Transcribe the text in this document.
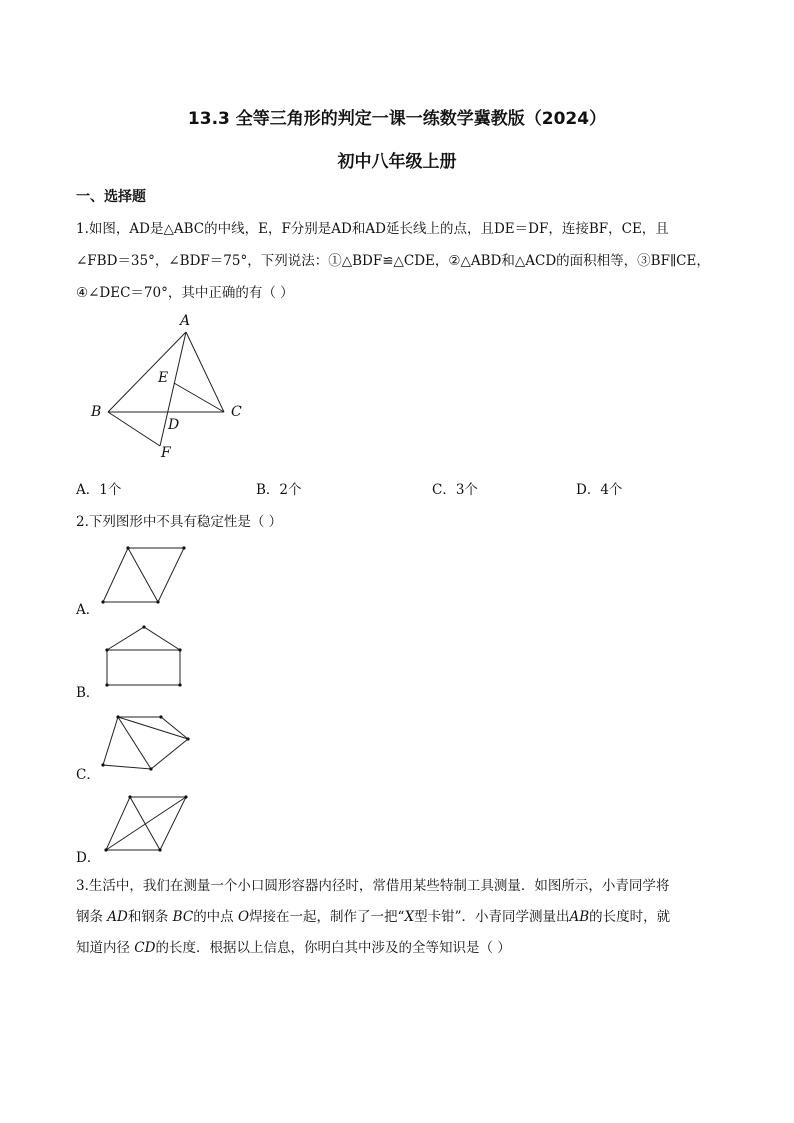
13.3 全等三角形的判定一课一练数学冀教版（2024）
初中八年级上册
一、选择题
1.如图，AD是△ABC的中线，E，F分别是AD和AD延长线上的点，且DE＝DF，连接BF，CE，且
∠FBD＝35°，∠BDF＝75°，下列说法：①△BDF≌△CDE，②△ABD和△ACD的面积相等，③BF∥CE，
④∠DEC＝70°，其中正确的有（ ）
A
E
B	C
D
F
A．1个	B．2个	C．3个	D．4个
2.下列图形中不具有稳定性是（ ）
A．
B．
C．
D．
3.生活中，我们在测量一个小口圆形容器内径时，常借用某些特制工具测量．如图所示，小青同学将
钢条 AD和钢条 BC的中点 O焊接在一起，制作了一把“X型卡钳”．小青同学测量出AB的长度时，就
知道内径 CD的长度．根据以上信息，你明白其中涉及的全等知识是（ ）
